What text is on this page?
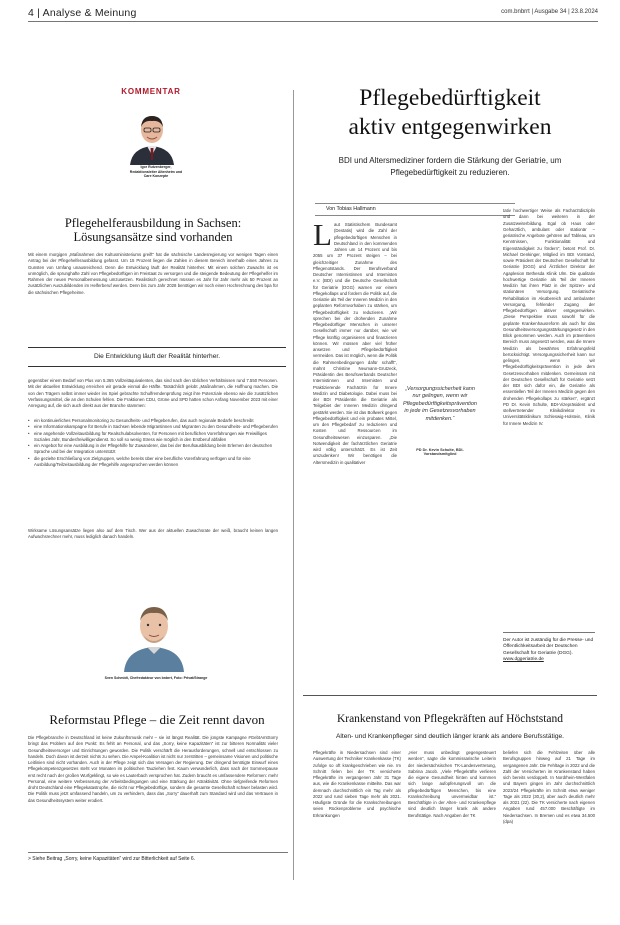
4 | Analyse & Meinung	com.bnbrrt | Ausgabe 34 | 23.8.2024
KOMMENTAR
Igor Rutzenberger, Redaktionsleiter Altenheim und Care Konzepte
Pflegehelferausbildung in Sachsen: Lösungsansätze sind vorhanden
Mit einem morgigen „Maßnahmen des Kultusministeriums greift“ hat die sächsische Landesregierung vor wenigen Tagen einen Antrag bei der Pflegehelferausbildung gefasst. Um 15 Prozent liegen die Zahlen in diesem Bereich innerhalb eines Jahres zu Gunsten von Umfang unausreichend. Denn die Entwicklung läuft der Realität hinterher. Mit einem solchen Zuwachs ist es unmöglich, die sprunghafte Zahl von Pflegebedürftigen im Freistaat zu versorgen und die steigende Bedeutung der Pflegehelfer im Rahmen der neuen Personalbemessung umzusetzen. Realistisch gerechnet müssen es Jahr für Jahr mehr als 50 Prozent an zusätzlichen Auszubildenden im Helferberuf werden. Denn bis zum Jahr 2028 benötigen wir noch einen Hochrechnung des bpa für die sächsischen Pflegeheime.
Die Entwicklung läuft der Realität hinterher.
gegenüber einem Bedarf von Plus von 5.365 Vollzeitäquivalenten, das sind nach den üblichen Verhältnissen rund 7.550 Personen. Mit der aktuellen Entwicklung erreichen wir gerade einmal die Hälfte. Tatsächlich gelobt „Maßnahmen, die Hoffnung machen. Die von den Trägern selbst immer wieder ins Spiel gebrachte Schulfremdenprüfung zeigt ihre Potenziale ebenso wie die zusätzlichen Verfassungsmittel, die an den Schulen fehlen. Die Fraktionen CDU, Grüne und SPD hatten schon Anfang November 2023 mit einer Anregung auf, die sich auch direkt aus der Branche stammen:
• ein kontinuierliches Personalmonitoring zu Gesundheits- und Pflegeberufen, das auch regionale Bedarfe beschreibt
• eine Informationskampagne für Berufe in Sachsen lebende Migrantinnen und Migranten zu den Gesundheits- und Pflegeberufen
• eine angehende Vollzeitausbildung für Realschulabsolventen, für Personen mit beruflichen Vorerfahrungen wie Freiwilliges Soziales Jahr, Bundesfreiwilligendienst. So soll so wenig Stress wie möglich in den Erstberuf abfallen
• ein Angebot für eine Ausbildung in der Pflegehilfe für Zuwanderer, das bei der Berufsausbildung beim Erlernen der deutschen Sprache und bei der Integration unterstützt
• die gezielte Erschließung von Zielgruppen, welche bereits über eine berufliche Vorerfahrung verfügen und für eine Ausbildung/Teilzeitausbildung der Pflegehilfe angesprochen werden können
Wirksame Lösungsansätze liegen also auf dem Tisch. Wer aus der aktuellen Zuwachsrate der weiß, braucht keinen langen Aufwachsrechner mehr, muss lediglich danach handeln.
Sven Schmidt, Chefredakteur von bnbrrt, Foto: Privat/Strange
Reformstau Pflege – die Zeit rennt davon
Die Pflegebranche in Deutschland ist keine Zukunftsmusik mehr – sie ist längst Realität. Die jüngste Kampagne #GebtAmtSorry bringt das Problem auf den Punkt: Es fehlt an Personal, und das „Sorry, keine Kapazitäten“ ist zur bitteren Normalität vieler Gesundheitsversorger und Einrichtungen geworden. Die Politik verschärft die Herausforderungen, schnell und entschlossen zu handeln. Doch davon ist derzeit nichts zu sehen. Die Ampel-Koalition ist nicht nur zerstritten – gemeinsame Visionen und politische Leitlinien sind nicht vorhanden. Auch in der Pflege zeigt sich das Versagen der Regierung. Der dringend benötigte Einwurf eines Pflegekompetenzgesetzes steht vor Monaten im politischen Tauziehen fest. Kaum verwunderlich, dass nach der Sommerpause erst recht nach der großen Wurfgeklingt, so wie es Lauterbach versprochen hat. Zudem braucht es umfassendere Reformen: mehr Personal, eine weitere Verbesserung der Arbeitsbedingungen und eine Stärkung der Attraktivität. Ohne tiefgreifende Reformen droht Deutschland eine Pflegekatastrophe, die nicht nur Pflegebedürftige, sondern die gesamte Gesellschaft schwer belasten wird. Die Politik muss jetzt umfassend handeln, um zu verhindern, dass das „Sorry“ dauerhaft zum Standard wird und das Vertrauen in das Gesundheitssystem weiter erodiert.
> Siehe Beitrag „Sorry, keine Kapazitäten“ wird zur Bitterlichkeit auf Seite 6.
Pflegebedürftigkeit
aktiv entgegenwirken
BDI und Altersmediziner fordern die Stärkung der Geriatrie, um Pflegebedürftigkeit zu reduzieren.
Von Tobias Hallmann
Laut Statistischem Bundesamt (Destatis) wird die Zahl der pflegebedürftigen Menschen in Deutschland in den kommenden Jahren um 14 Prozent und bis 2055 um 37 Prozent steigen – bei gleichzeitiger Zunahme des Pflegenotstands. Der Berufsverband Deutscher Internistinnen und Internisten e.V. (BDI) und die Deutsche Gesellschaft für Geriatrie (DGG) warnen vor einem Pflegekollaps und fordern die Politik auf, die Geriatrie als Teil der Inneren Medizin in den geplanten Reformvorhaben zu stärken, um Pflegebedürftigkeit zu reduzieren. „Wir sprechen bei der drohenden Zunahme Pflegebedürftiger Menschen in unserer Gesellschaft immer nur darüber, wie wir Pflege künftig organisieren und finanzieren können. Wir müssen aber viel früher ansetzen und Pflegebedürftigkeit vermeiden. Das ist möglich, wenn die Politik die Rahmenbedingungen dafür schafft“, mahnt Christine Neumann-Grutzeck, Präsidentin des Berufsverbands Deutscher Internistinnen und Internisten und Praktizierende Fachärztin für Innere Medizin und Diabetologie. Dabei muss bei der BDI Präsidentin die Geriatrie als Teilgebiet der Inneren Medizin dringend gestärkt werden. Sie ist das Bollwerk gegen Pflegebedürftigkeit und ein probates Mittel, um den Pflegebedarf zu reduzieren und Kosten und Ressourcen im Gesundheitswesen einzusparen. „Die Notwendigkeit der fachärztlichen Geriatrie wird völlig unterschätzt. Es ist Zeit umzudenken! Wir benötigen die Altersmedizin in qualitativer
„Versorgungssicherheit kann nur gelingen, wenn wir Pflegebedürftigkeitsprävention in jede im Gesetzesvorhaben mitdenken.“
PD Dr. Kevin Schulte, BDI-Vorstandsmitglied
tativ hochwertiger Weise als Facharztdisziplin und dann bei weiteren in der Zusatzweiterbildung. Egal ob Haus oder Geharztlich, ambulant oder stationär – geriatrische Angebote gehören auf Tableau, um Kenntnissen, Funktionalität und Eigenständigkeit zu fördern“, betont Prof. Dr. Michael Denkinger, Mitglied im BDI Vorstand, sowie Präsident der Deutschen Gesellschaft für Geriatrie (DGG) und Ärztlicher Direktor der Agaplesion Bethesda Klinik Ulm. Die qualitativ hochwertige Geriatrie als Teil der Inneren Medizin hat ihren Platz in der Spitzen- und stationären Versorgung. Geriatrische Rehabilitation im Akutbereich und ambulanter Versorgung, fehlender Zugang der Pflegebedürftigen aktiver entgegenwirken. „Diese Perspektive muss sowohl für die geplante Krankenhausreform als auch für das Gesundheitsversorgungsstärkungsgesetz in den Blick genommen werden. Auch im präventiven Bereich muss angesetzt werden, was die Innere Medizin als bewährtes Erfahrungsfeld berücksichtigt. Versorgungssicherheit kann nur gelingen, wenn wir Pflegebedürftigkeitsprävention in jede dem Gesetzesvorhaben mitdenken. Gemeinsam mit der Deutschen Gesellschaft für Geriatrie setzt der BDI sich dafür ein, die Geriatrie als essentiellen Teil der Inneren Medizin gegen den drohenden Pflegekollaps zu stärken“, ergänzt PD Dr. Kevin Schulte, BDI-Vizepräsident und stellvertretender Klinikdirektor im Universitätsklinikum Schleswig-Holstein, Klinik für Innere Medizin IV.
Der Autor ist zuständig für die Presse- und Öffentlichkeitsarbeit der Deutschen Gesellschaft für Geriatrie (DGG).
www.dggeriatrie.de
Krankenstand von Pflegekräften auf Höchststand
Alten- und Krankenpfleger sind deutlich länger krank als andere Berufsstätige.
Pflegekräfte in Niedersachsen sind einer Auswertung der Techniker Krankenkasse (TK) zufolge so oft krankgeschrieben wie nie. Im Schnitt fielen bei der TK versicherte Pflegekräfte im vergangenen Jahr 31 Tage aus, wie die Krankenkasse mitteilte. Das war demnach durchschnittlich ein Tag mehr als 2022 und rund sieben Tage mehr als 2021. Häufigste Gründe für die Krankschreibungen seien Rückenprobleme und psychische Erkrankungen
„Hier muss unbedingt gegengesteuert werden“, sagte die kommissarische Leiterin der niedersächsischen TK-Landesvertretung, Sabrina Jacob. „Viele Pflegekräfte verlieren die eigene Gesundheit hinten und kommen sich lange aufopferungsvoll um die pflegebedürftigen Menschen, bis eine Krankschreibung unvermeidbar ist.“ Beschäftigte in der Alten- und Krankenpflege sind deutlich länger krank als andere Berufstätige. Nach Angaben der TK
beliefen sich die Fehlzeiten über alle Berufsgruppen hinweg auf 21 Tage im vergangenen Jahr. Die Fehltage in 2022 und die Zahl der Versicherten im Krankenstand haben sich bereits verdoppelt. In Nordrhein-Westfalen und Bayern gingen im Jahr durchschnittlich 2023/24 Pflegekräfte im Schnitt etwa weniger Tage als 2022 (30,2), aber auch deutlich mehr als 2021 (22). Die TK versicherte nach eigenen Angaben rund 457.000 Beschäftigte im Niedersachsen. In Bremen und es etwa 34.500 (dpa)
